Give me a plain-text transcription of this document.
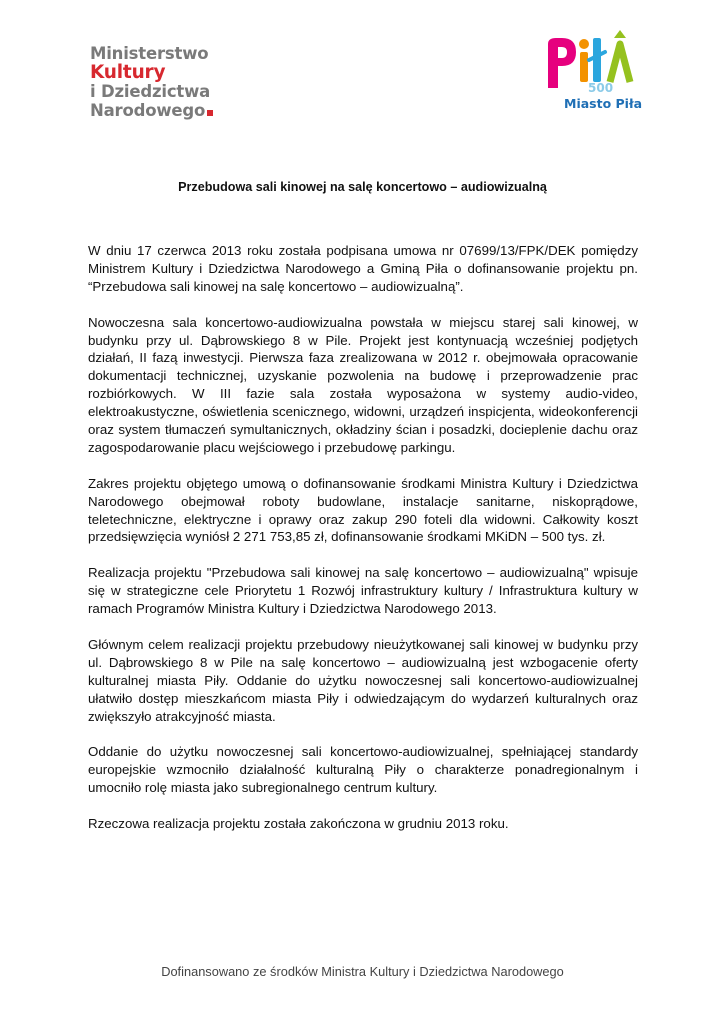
Ministerstwo
Kultury
i Dziedzictwa
Narodowego
500
Miasto Piła
Przebudowa sali kinowej na salę koncertowo – audiowizualną

W dniu 17 czerwca 2013 roku została podpisana umowa nr 07699/13/FPK/DEK pomiędzy Ministrem Kultury i Dziedzictwa Narodowego a Gminą Piła o dofinansowanie projektu pn. “Przebudowa sali kinowej na salę koncertowo – audiowizualną”.

Nowoczesna sala koncertowo-audiowizualna powstała w miejscu starej sali kinowej, w budynku przy ul. Dąbrowskiego 8 w Pile. Projekt jest kontynuacją wcześniej podjętych działań, II fazą inwestycji. Pierwsza faza zrealizowana w 2012 r. obejmowała opracowanie dokumentacji technicznej, uzyskanie pozwolenia na budowę i przeprowadzenie prac rozbiórkowych. W III fazie sala została wyposażona w systemy audio-video, elektroakustyczne, oświetlenia scenicznego, widowni, urządzeń inspicjenta, wideokonferencji oraz system tłumaczeń symultanicznych, okładziny ścian i posadzki, docieplenie dachu oraz zagospodarowanie placu wejściowego i przebudowę parkingu.

Zakres projektu objętego umową o dofinansowanie środkami Ministra Kultury i Dziedzictwa Narodowego obejmował roboty budowlane, instalacje sanitarne, niskoprądowe, teletechniczne, elektryczne i oprawy oraz zakup 290 foteli dla widowni. Całkowity koszt przedsięwzięcia wyniósł 2 271 753,85 zł, dofinansowanie środkami MKiDN – 500 tys. zł.

Realizacja projektu "Przebudowa sali kinowej na salę koncertowo – audiowizualną" wpisuje się w strategiczne cele Priorytetu 1 Rozwój infrastruktury kultury / Infrastruktura kultury w ramach Programów Ministra Kultury i Dziedzictwa Narodowego 2013.

Głównym celem realizacji projektu przebudowy nieużytkowanej sali kinowej w budynku przy ul. Dąbrowskiego 8 w Pile na salę koncertowo – audiowizualną jest wzbogacenie oferty kulturalnej miasta Piły. Oddanie do użytku nowoczesnej sali koncertowo-audiowizualnej ułatwiło dostęp mieszkańcom miasta Piły i odwiedzającym do wydarzeń kulturalnych oraz zwiększyło atrakcyjność miasta.

Oddanie do użytku nowoczesnej sali koncertowo-audiowizualnej, spełniającej standardy europejskie wzmocniło działalność kulturalną Piły o charakterze ponadregionalnym i umocniło rolę miasta jako subregionalnego centrum kultury.

Rzeczowa realizacja projektu została zakończona w grudniu 2013 roku.

Dofinansowano ze środków Ministra Kultury i Dziedzictwa Narodowego
